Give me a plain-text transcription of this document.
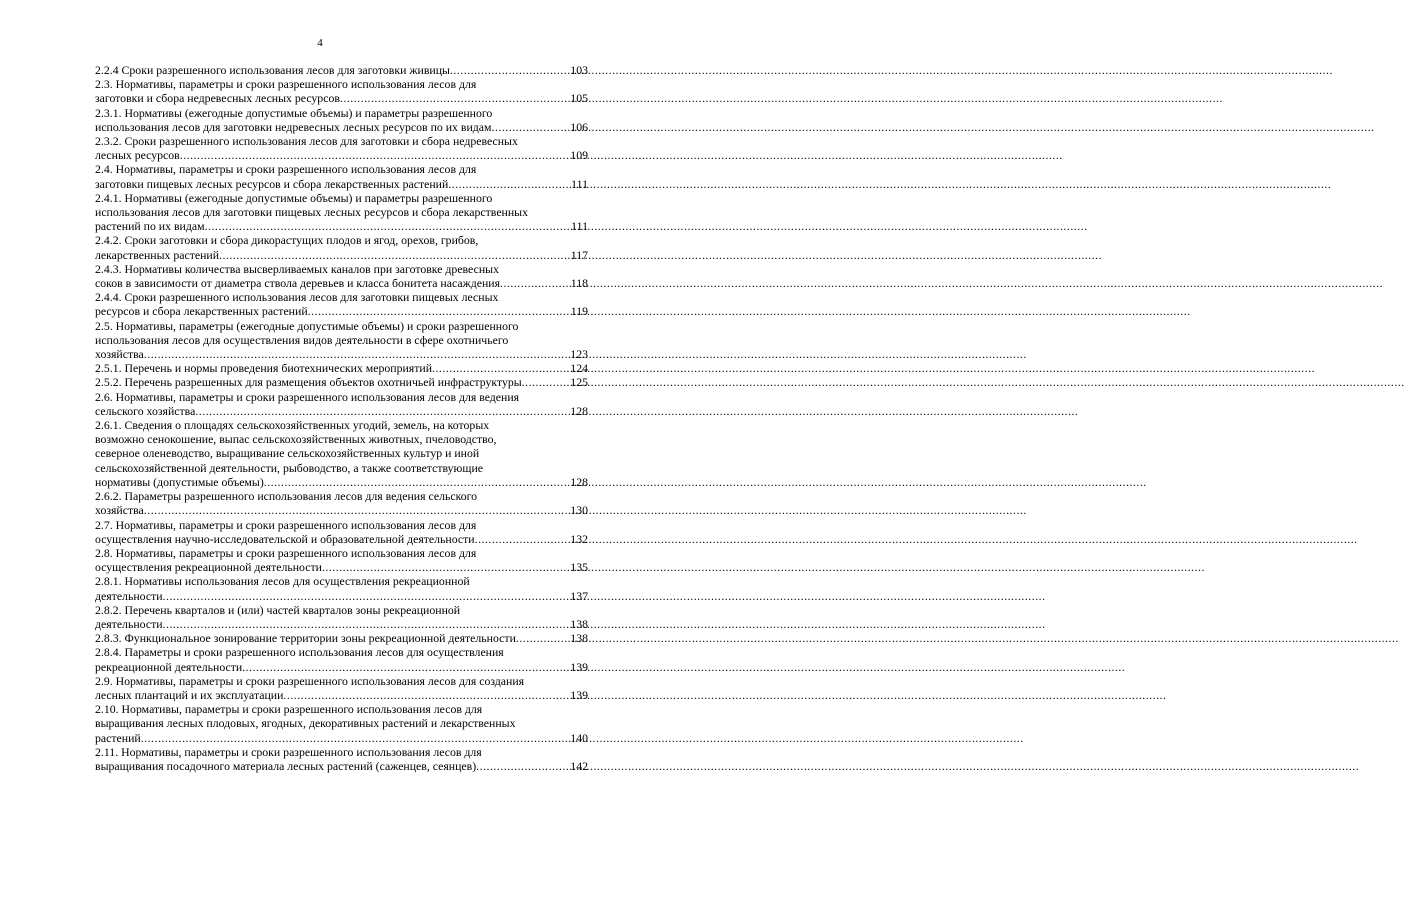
4
2.2.4 Сроки разрешенного использования лесов для заготовки живицы .....	103
2.3. Нормативы, параметры и сроки разрешенного использования лесов для
заготовки и сбора недревесных лесных ресурсов .....	105
2.3.1. Нормативы (ежегодные допустимые объемы) и параметры разрешенного
использования лесов для заготовки недревесных лесных ресурсов по их видам .....	106
2.3.2. Сроки разрешенного использования лесов для заготовки и сбора недревесных
лесных ресурсов .....	109
2.4. Нормативы, параметры и сроки разрешенного использования лесов для
заготовки пищевых лесных ресурсов и сбора лекарственных растений .....	111
2.4.1. Нормативы (ежегодные допустимые объемы) и параметры разрешенного
использования лесов для заготовки пищевых лесных ресурсов и сбора лекарственных
растений по их видам .....	111
2.4.2. Сроки заготовки и сбора дикорастущих плодов и ягод, орехов, грибов,
лекарственных растений .....	117
2.4.3. Нормативы количества высверливаемых каналов при заготовке древесных
соков в зависимости от диаметра ствола деревьев и класса бонитета насаждения .....	118
2.4.4. Сроки разрешенного использования лесов для заготовки пищевых лесных
ресурсов и сбора лекарственных растений .....	119
2.5. Нормативы, параметры (ежегодные допустимые объемы) и сроки разрешенного
использования лесов для осуществления видов деятельности в сфере охотничьего
хозяйства .....	123
2.5.1. Перечень и нормы проведения биотехнических мероприятий .....	124
2.5.2. Перечень разрешенных для размещения объектов охотничьей инфраструктуры .....	125
2.6. Нормативы, параметры и сроки разрешенного использования лесов для ведения
сельского хозяйства .....	128
2.6.1. Сведения о площадях сельскохозяйственных угодий, земель, на которых
возможно сенокошение, выпас сельскохозяйственных животных, пчеловодство,
северное оленеводство, выращивание сельскохозяйственных культур и иной
сельскохозяйственной деятельности, рыбоводство, а также соответствующие
нормативы (допустимые объемы) .....	128
2.6.2. Параметры разрешенного использования лесов для ведения сельского
хозяйства .....	130
2.7. Нормативы, параметры и сроки разрешенного использования лесов для
осуществления научно-исследовательской и образовательной деятельности .....	132
2.8. Нормативы, параметры и сроки разрешенного использования лесов для
осуществления рекреационной деятельности .....	135
2.8.1. Нормативы использования лесов для осуществления рекреационной
деятельности .....	137
2.8.2. Перечень кварталов и (или) частей кварталов зоны рекреационной
деятельности .....	138
2.8.3. Функциональное зонирование территории зоны рекреационной деятельности .....	138
2.8.4. Параметры и сроки разрешенного использования лесов для осуществления
рекреационной деятельности .....	139
2.9. Нормативы, параметры и сроки разрешенного использования лесов для создания
лесных плантаций и их эксплуатации .....	139
2.10. Нормативы, параметры и сроки разрешенного использования лесов для
выращивания лесных плодовых, ягодных, декоративных растений и лекарственных
растений .....	140
2.11. Нормативы, параметры и сроки разрешенного использования лесов для
выращивания посадочного материала лесных растений (саженцев, сеянцев) .....	142
